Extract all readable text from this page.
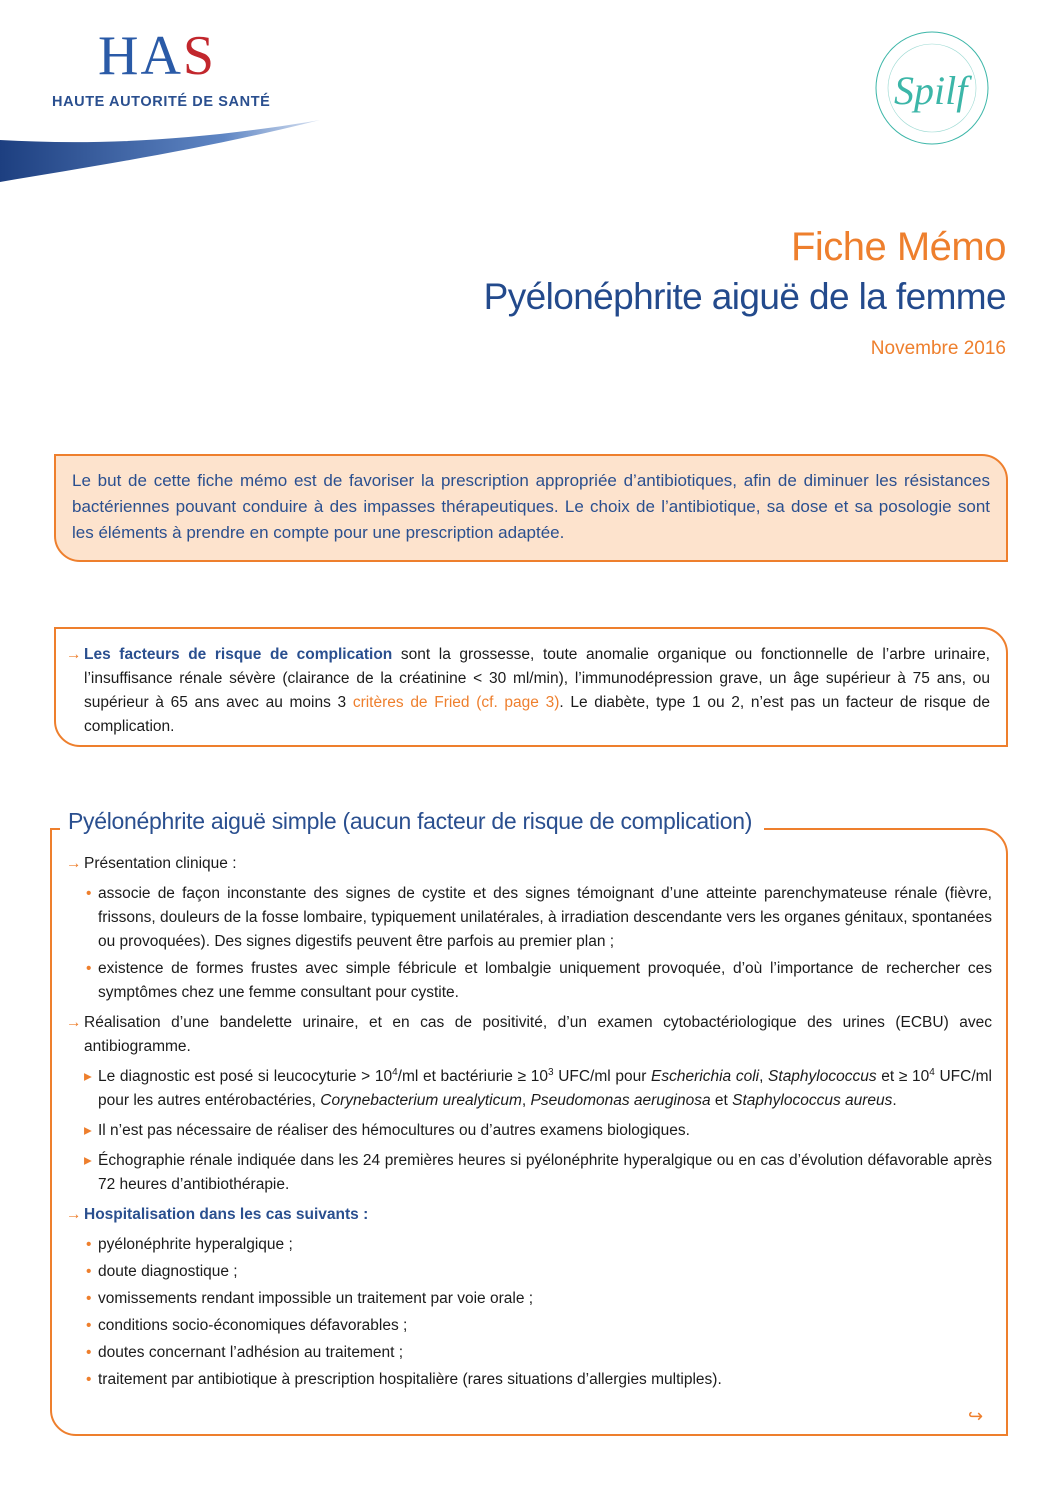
HAS
HAUTE AUTORITÉ DE SANTÉ	Spilf
Fiche Mémo
Pyélonéphrite aiguë de la femme
Novembre 2016
Le but de cette fiche mémo est de favoriser la prescription appropriée d’antibiotiques, afin de diminuer les résistances bactériennes pouvant conduire à des impasses thérapeutiques. Le choix de l’antibiotique, sa dose et sa posologie sont les éléments à prendre en compte pour une prescription adaptée.
→ Les facteurs de risque de complication sont la grossesse, toute anomalie organique ou fonctionnelle de l’arbre urinaire, l’insuffisance rénale sévère (clairance de la créatinine < 30 ml/min), l’immunodépression grave, un âge supérieur à 75 ans, ou supérieur à 65 ans avec au moins 3 critères de Fried (cf. page 3). Le diabète, type 1 ou 2, n’est pas un facteur de risque de complication.
Pyélonéphrite aiguë simple (aucun facteur de risque de complication)
→ Présentation clinique :
• associe de façon inconstante des signes de cystite et des signes témoignant d’une atteinte parenchymateuse rénale (fièvre, frissons, douleurs de la fosse lombaire, typiquement unilatérales, à irradiation descendante vers les organes génitaux, spontanées ou provoquées). Des signes digestifs peuvent être parfois au premier plan ;
• existence de formes frustes avec simple fébricule et lombalgie uniquement provoquée, d’où l’importance de rechercher ces symptômes chez une femme consultant pour cystite.
→ Réalisation d’une bandelette urinaire, et en cas de positivité, d’un examen cytobactériologique des urines (ECBU) avec antibiogramme.
▸ Le diagnostic est posé si leucocyturie > $10^4/ml$ et bactériurie ≥ $10^3$ UFC/ml pour Escherichia coli, Staphylococcus et ≥ $10^4$ UFC/ml pour les autres entérobactéries, Corynebacterium urealyticum, Pseudomonas aeruginosa et Staphylococcus aureus.
▸ Il n’est pas nécessaire de réaliser des hémocultures ou d’autres examens biologiques.
▸ Échographie rénale indiquée dans les 24 premières heures si pyélonéphrite hyperalgique ou en cas d’évolution défavorable après 72 heures d’antibiothérapie.
→ Hospitalisation dans les cas suivants :
• pyélonéphrite hyperalgique ;
• doute diagnostique ;
• vomissements rendant impossible un traitement par voie orale ;
• conditions socio-économiques défavorables ;
• doutes concernant l’adhésion au traitement ;
• traitement par antibiotique à prescription hospitalière (rares situations d’allergies multiples).
↪
